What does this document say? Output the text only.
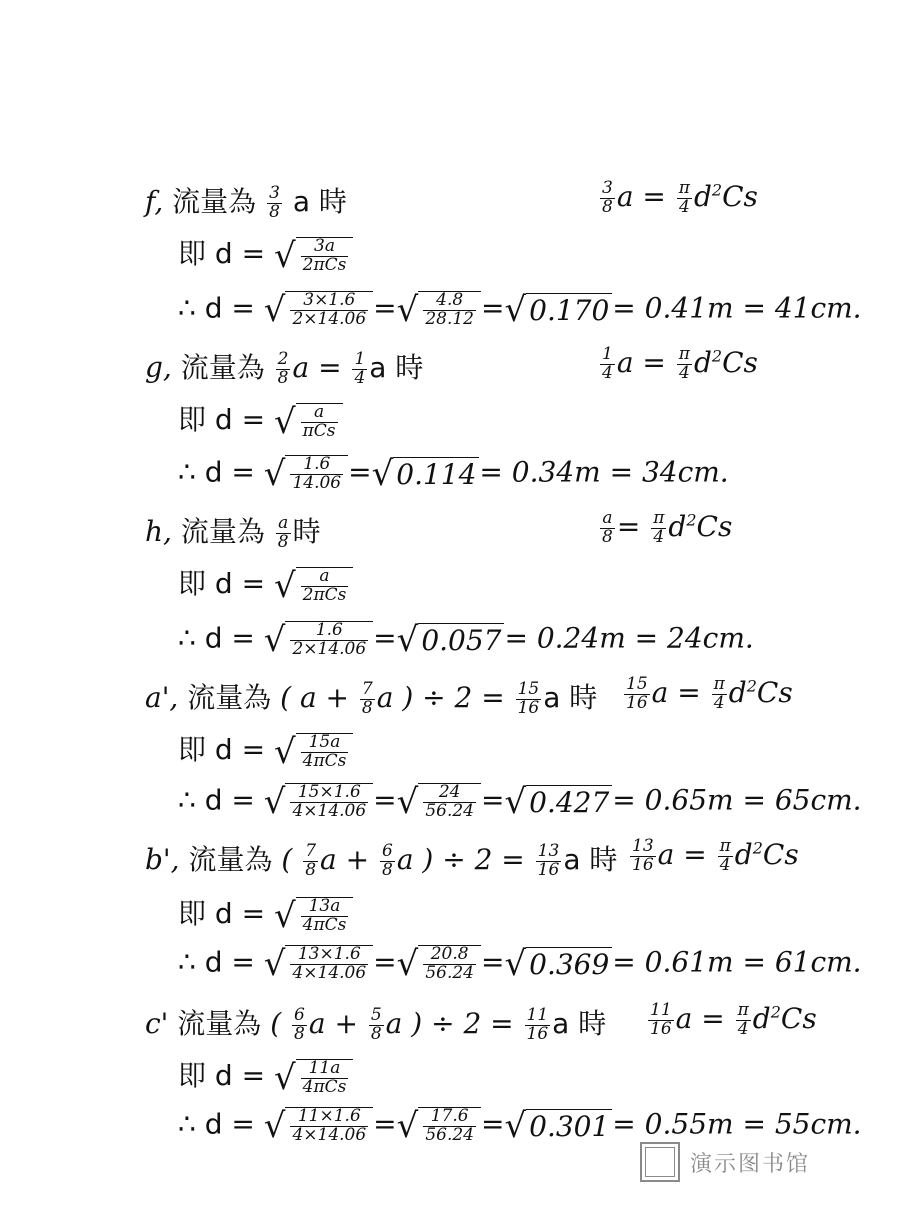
f, 流量為 $\frac{3}{8}$ a 時	$\frac{3}{8}$ $a = \frac{\pi}{4} d^2Cs$
即 d = √ $\frac{3a}{\text{2πCs}}$
∴ d = √ $\frac{3\times 1.6}{2\times 14.06}$ =√ $\frac{4.8}{28.12}$ =√ 0.170 = 0.41m = 41cm.
g, 流量為 $\frac{2}{8}$ $a = \frac{1}{4}$ a 時	$\frac{1}{4}$ $a = \frac{\pi}{4} d^2Cs$
即 d = √ $\frac{a}{\text{πCs}}$
∴ d = √ $\frac{1.6}{14.06}$ =√ 0.114 = 0.34m = 34cm.
h, 流量為 $\frac{a}{8}$ 時	$\frac{a}{8} = \frac{\pi}{4} d^2Cs$
即 d = √ $\frac{a}{\text{2πCs}}$
∴ d = √ $\frac{1.6}{2\times 14.06}$ =√ 0.057 = 0.24m = 24cm.
a', 流量為 ( $a + \frac{7}{8}$ a ) ÷ $2 = \frac{15}{16}$ a 時 $\frac{15}{16}$ $a = \frac{\pi}{4} d^2Cs$
即 d = √ $\frac{15a}{\text{4πCs}}$
∴ d = √ $\frac{15\times 1.6}{4\times 14.06}$ =√ $\frac{24}{56.24}$ =√ 0.427 = 0.65m = 65cm.
b', 流量為 ( $\frac{7}{8}$ $a + \frac{6}{8}$ a ) ÷ $2 = \frac{13}{16}$ a 時 $\frac{13}{16}$ $a = \frac{\pi}{4} d^2Cs$
即 d = √ $\frac{13a}{\text{4πCs}}$
∴ d = √ $\frac{13\times 1.6}{4\times 14.06}$ =√ $\frac{20.8}{56.24}$ =√ 0.369 = 0.61m = 61cm.
c' 流量為 ( $\frac{6}{8}$ $a + \frac{5}{8}$ a ) ÷ $2 = \frac{11}{16}$ a 時 $\frac{11}{16}$ $a = \frac{\pi}{4} d^2Cs$
即 d = √ $\frac{11a}{\text{4πCs}}$
∴ d = √ $\frac{11\times 1.6}{4\times 14.06}$ =√ $\frac{17.6}{56.24}$ =√ 0.301 = 0.55m = 55cm.
演示图书馆
